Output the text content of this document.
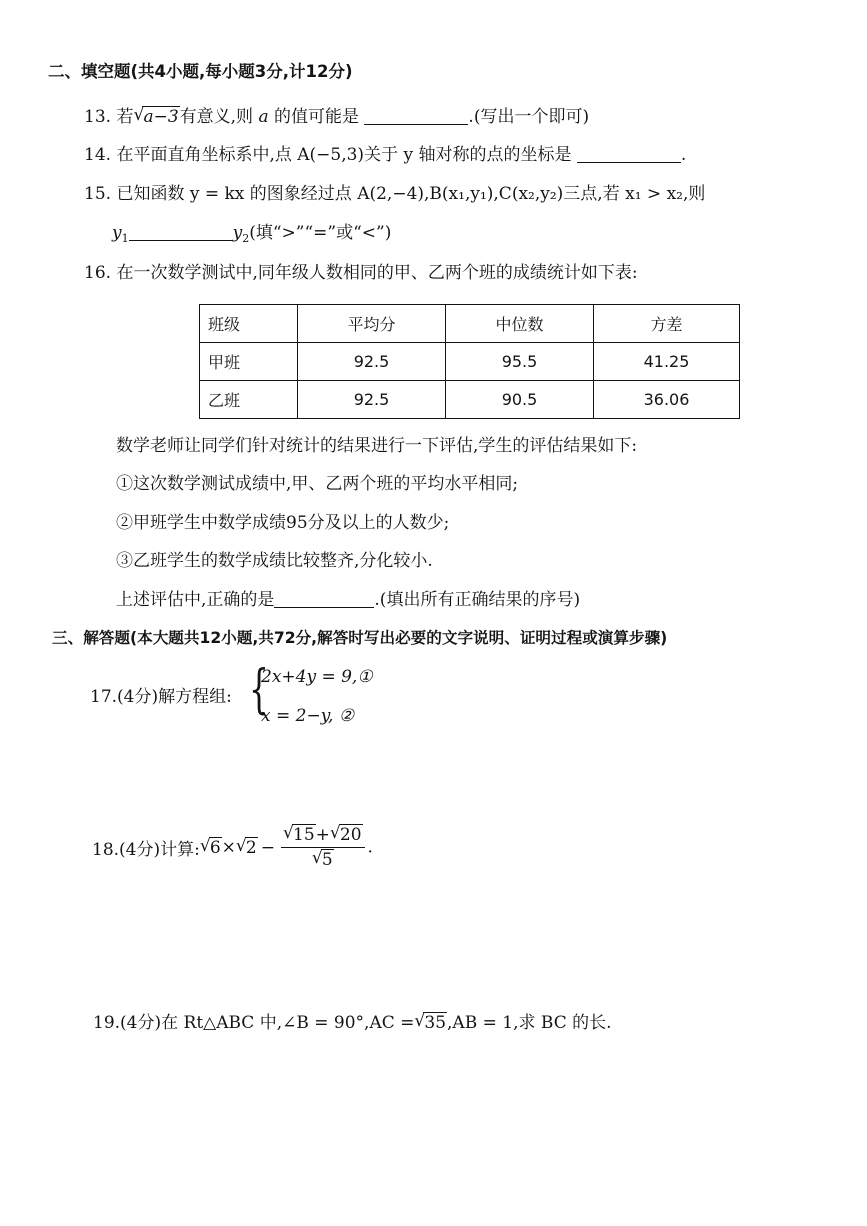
二、填空题(共4小题,每小题3分,计12分)
13. 若 √ a−3有意义,则 a 的值可能是	.(写出一个即可)
14. 在平面直角坐标系中,点 A(−5,3)关于 y 轴对称的点的坐标是	.
15. 已知函数 y = kx 的图象经过点 A(2,−4),B(x₁,y₁),C(x₂,y₂)三点,若 x₁ > x₂,则
$y_1$	$y_2$(填“>”“=”或“<”)
16. 在一次数学测试中,同年级人数相同的甲、乙两个班的成绩统计如下表:
班级	平均分	中位数	方差
甲班	92.5	95.5	41.25
乙班	92.5	90.5	36.06
数学老师让同学们针对统计的结果进行一下评估,学生的评估结果如下:
①这次数学测试成绩中,甲、乙两个班的平均水平相同;
②甲班学生中数学成绩95分及以上的人数少;
③乙班学生的数学成绩比较整齐,分化较小.
上述评估中,正确的是	.(填出所有正确结果的序号)
三、解答题(本大题共12小题,共72分,解答时写出必要的文字说明、证明过程或演算步骤)
17.(4分)解方程组: {
2x+4y = 9,①
x = 2−y, ②
18.(4分)计算: √ 6× √ $2 - \frac{√ 15+ √ 20}{√ 5}$ .
19.(4分)在 Rt△ABC 中,∠B = 90°,AC = √ 35,AB = 1,求 BC 的长.
